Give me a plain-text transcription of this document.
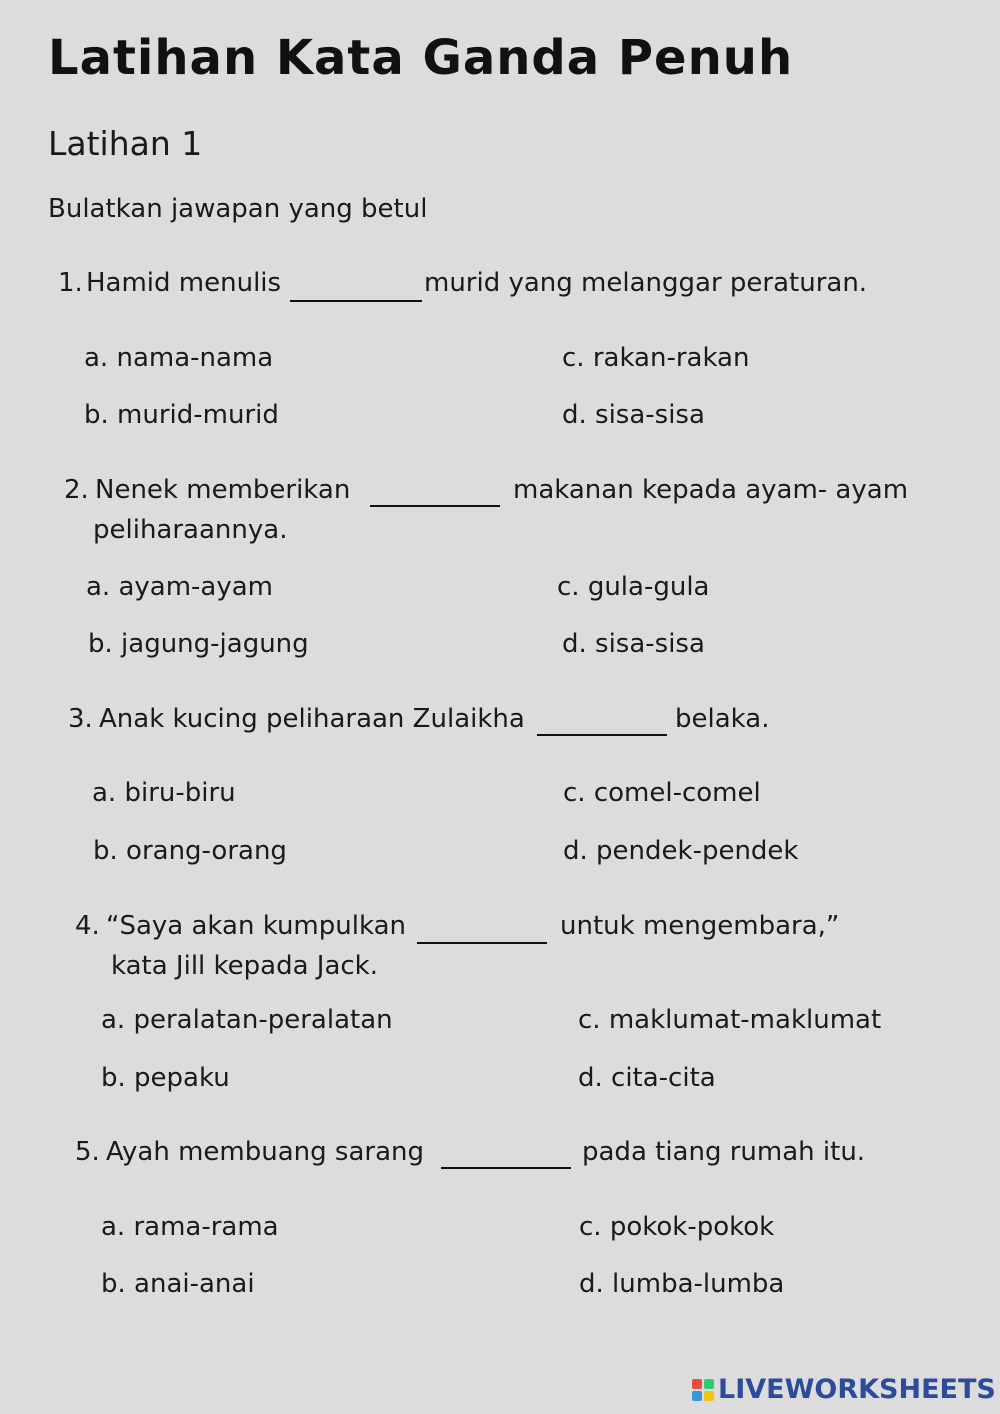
Latihan Kata Ganda Penuh
Latihan 1
Bulatkan jawapan yang betul
1. Hamid menulis	murid yang melanggar peraturan.
a. nama-nama	c. rakan-rakan
b. murid-murid	d. sisa-sisa
2. Nenek memberikan	makanan kepada ayam- ayam
peliharaannya.
a. ayam-ayam	c. gula-gula
b. jagung-jagung	d. sisa-sisa
3. Anak kucing peliharaan Zulaikha	belaka.
a. biru-biru	c. comel-comel
b. orang-orang	d. pendek-pendek
4. “Saya akan kumpulkan	untuk mengembara,”
kata Jill kepada Jack.
a. peralatan-peralatan	c. maklumat-maklumat
b. pepaku	d. cita-cita
5. Ayah membuang sarang	pada tiang rumah itu.
a. rama-rama	c. pokok-pokok
b. anai-anai	d. lumba-lumba
LIVEWORKSHEETS
